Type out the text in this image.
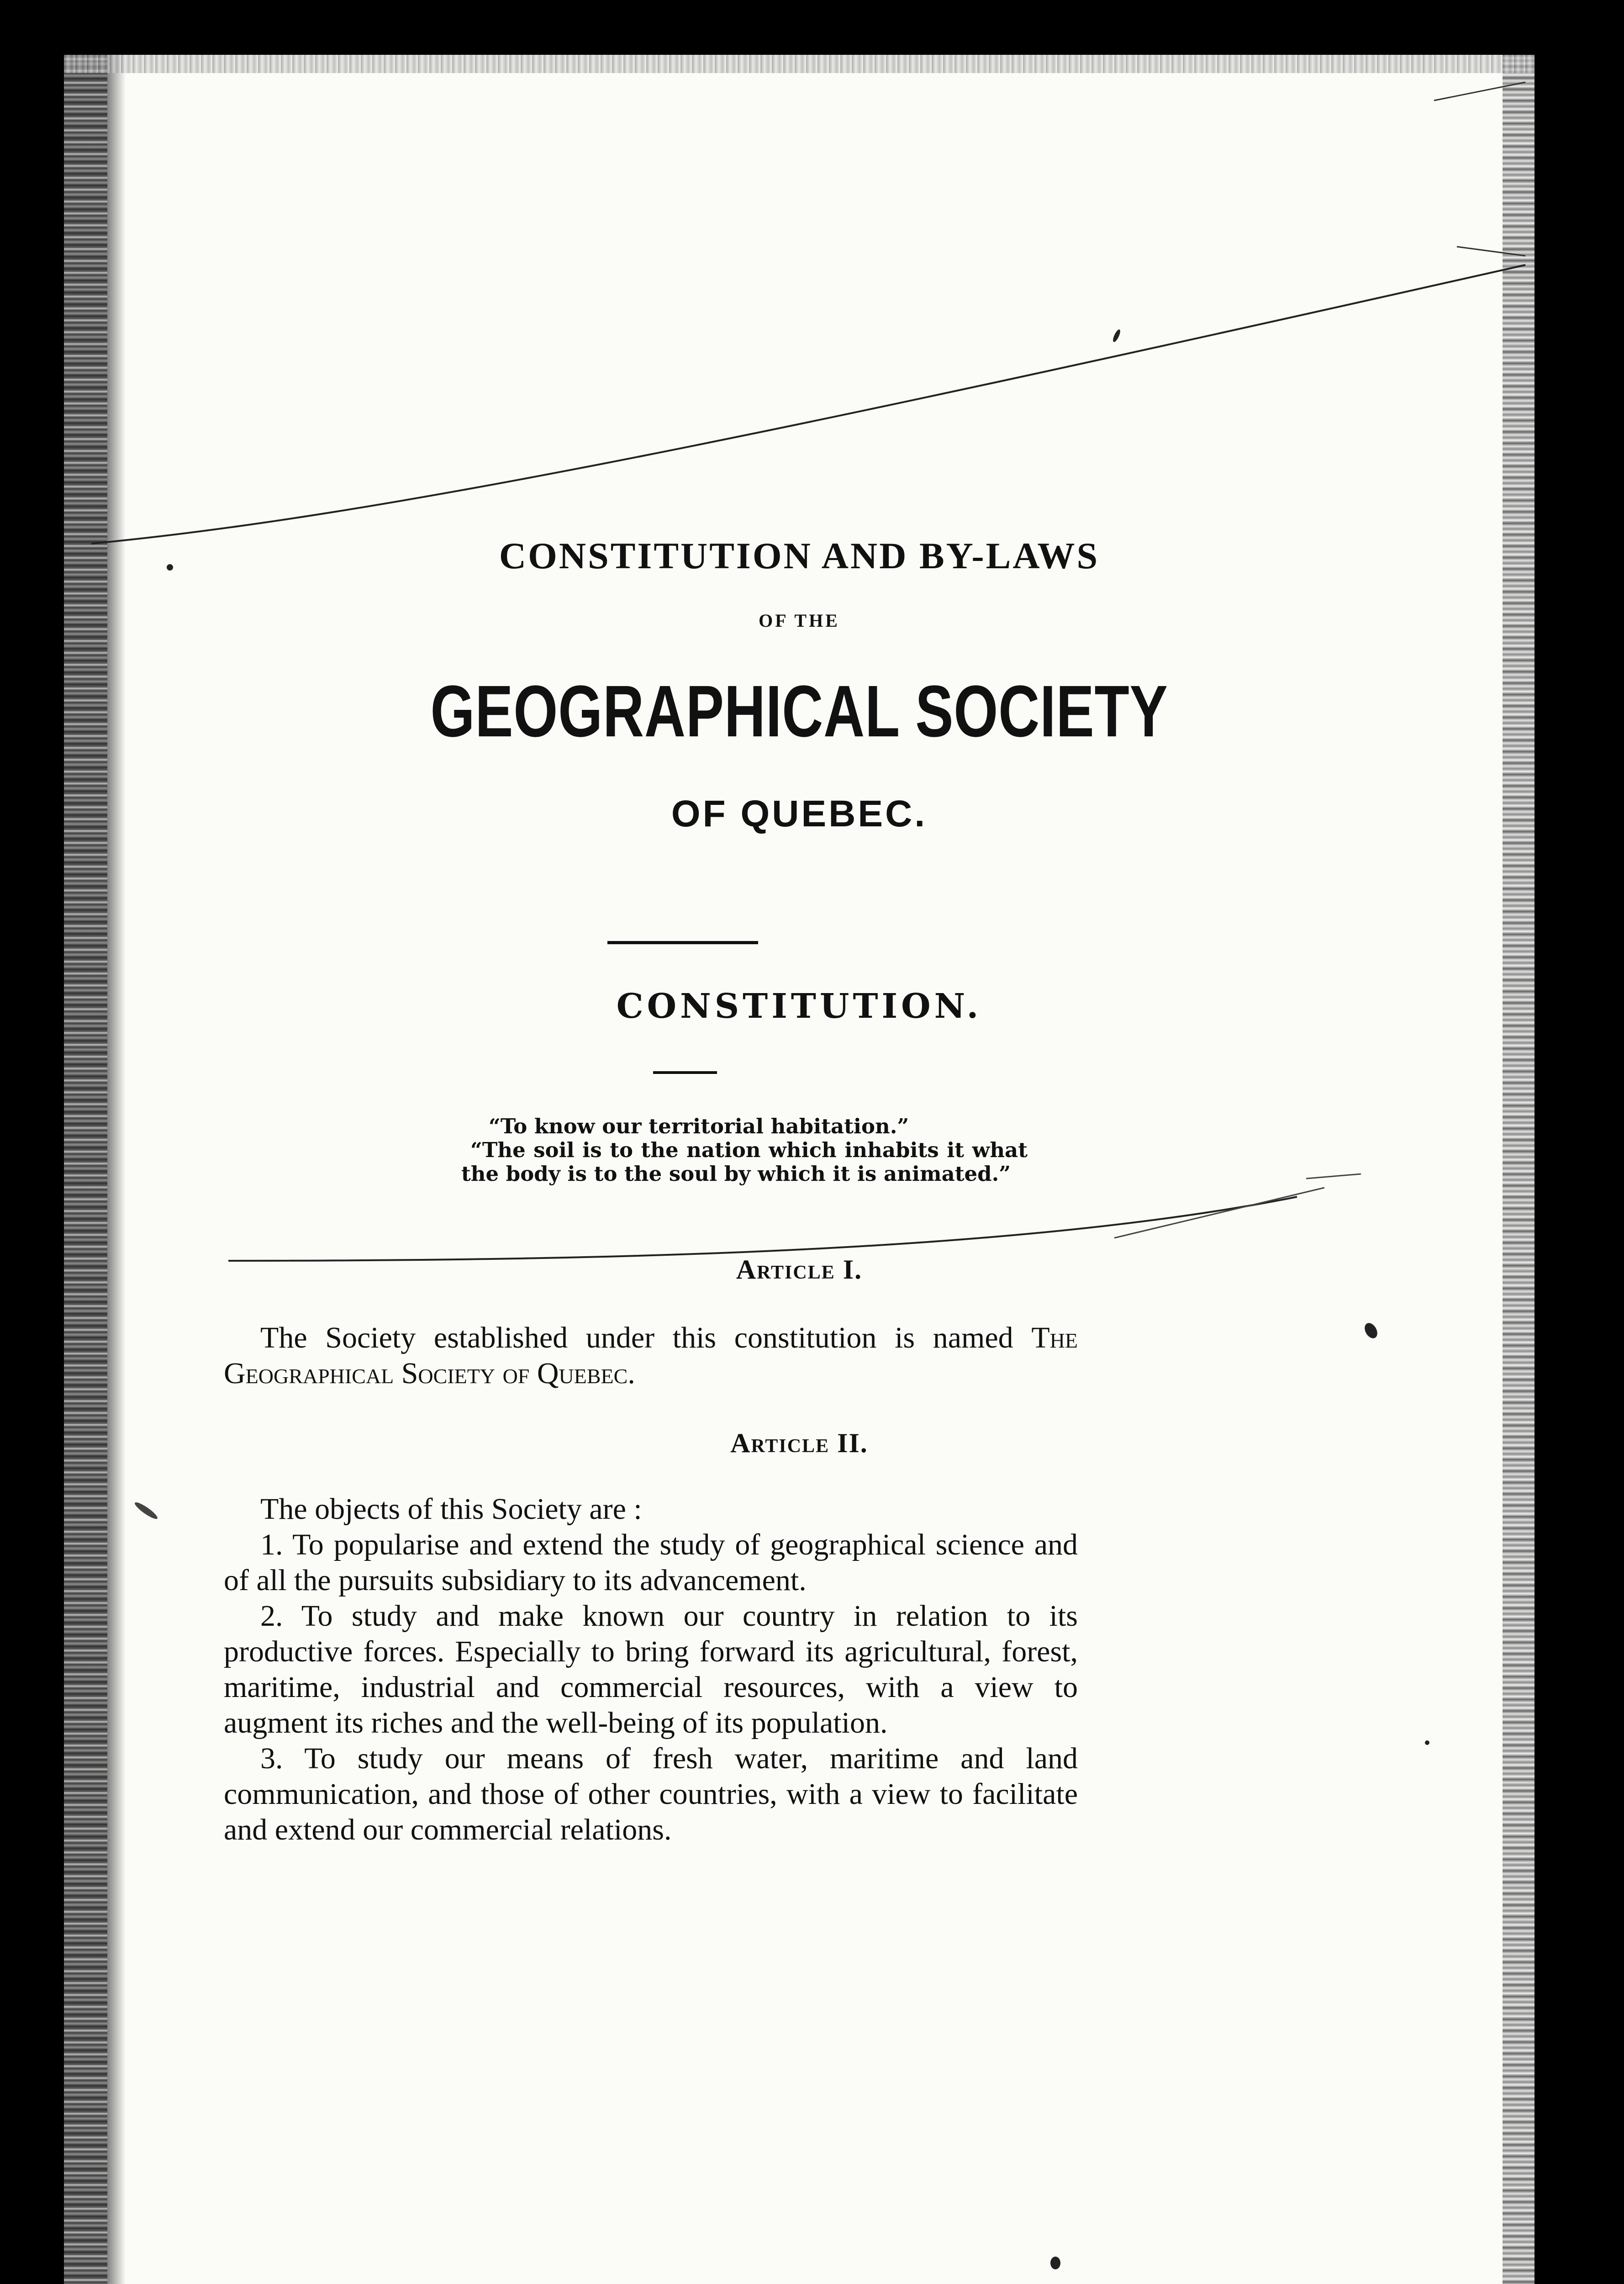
CONSTITUTION AND BY-LAWS
OF THE
GEOGRAPHICAL SOCIETY
OF QUEBEC.
CONSTITUTION.

“To know our territorial habitation.”

“The soil is to the nation which inhabits it what the body is to the soul by which it is animated.”

Article I.

The Society established under this constitution is named The Geographical Society of Quebec.

Article II.

The objects of this Society are :

1. To popularise and extend the study of geographical science and of all the pursuits subsidiary to its advancement.

2. To study and make known our country in relation to its productive forces. Especially to bring forward its agricultural, forest, maritime, industrial and commercial resources, with a view to augment its riches and the well-being of its population.

3. To study our means of fresh water, maritime and land communication, and those of other countries, with a view to facilitate and extend our commercial relations.
